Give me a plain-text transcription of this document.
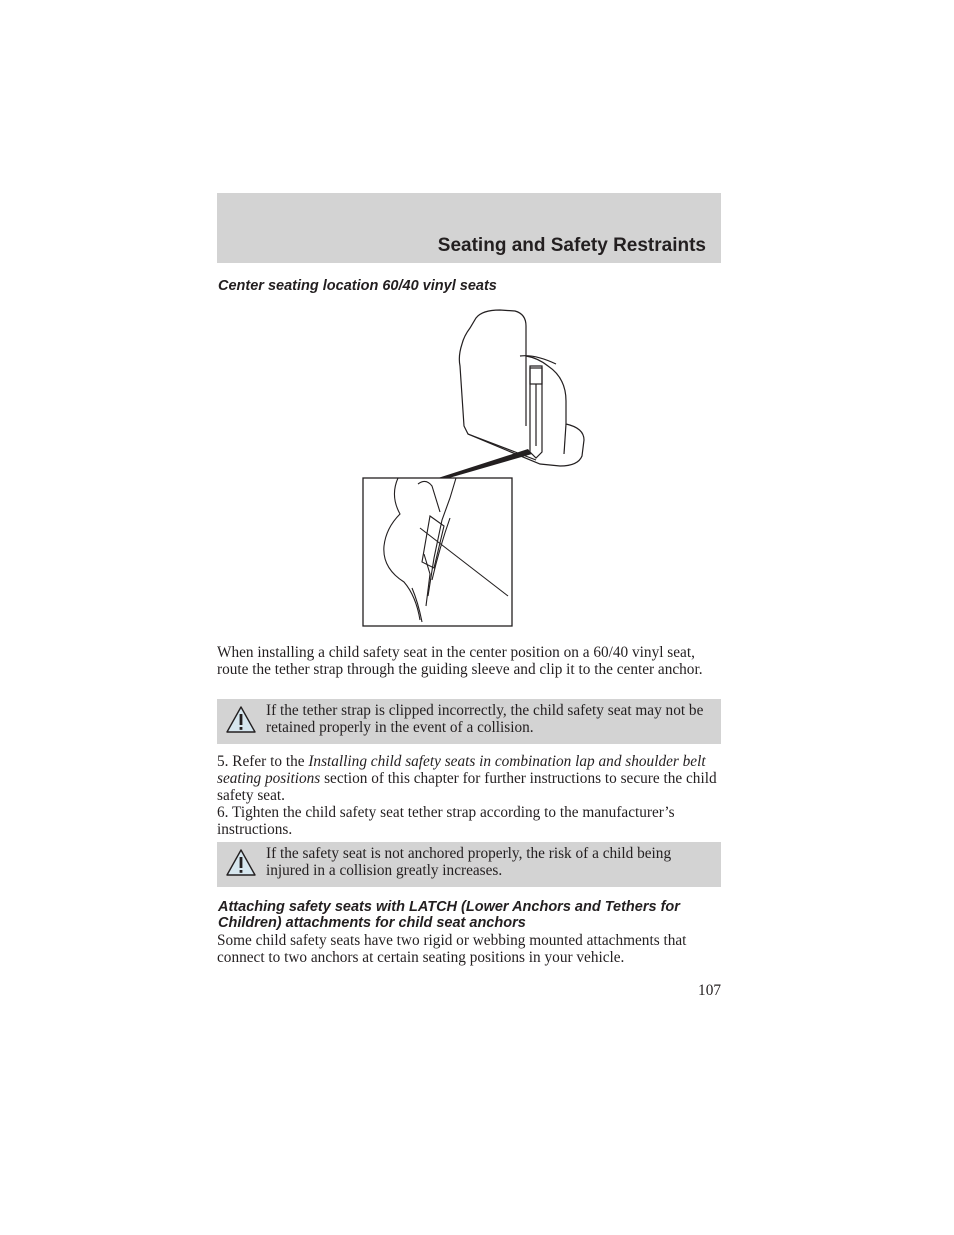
Seating and Safety Restraints
Center seating location 60/40 vinyl seats
When installing a child safety seat in the center position on a 60/40 vinyl seat, route the tether strap through the guiding sleeve and clip it to the center anchor.
If the tether strap is clipped incorrectly, the child safety seat may not be retained properly in the event of a collision.
5. Refer to the Installing child safety seats in combination lap and shoulder belt seating positions section of this chapter for further instructions to secure the child safety seat.
6. Tighten the child safety seat tether strap according to the manufacturer’s instructions.
If the safety seat is not anchored properly, the risk of a child being injured in a collision greatly increases.
Attaching safety seats with LATCH (Lower Anchors and Tethers for Children) attachments for child seat anchors
Some child safety seats have two rigid or webbing mounted attachments that connect to two anchors at certain seating positions in your vehicle.
107
